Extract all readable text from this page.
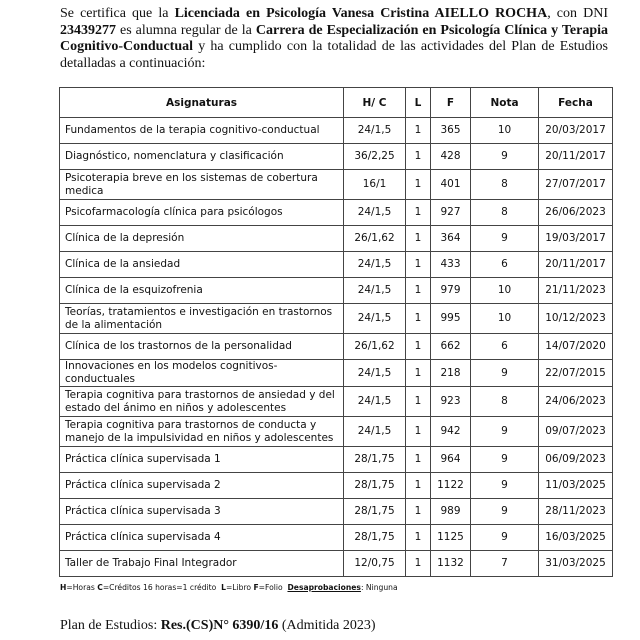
Se certifica que la Licenciada en Psicología Vanesa Cristina AIELLO ROCHA, con DNI 23439277 es alumna regular de la Carrera de Especialización en Psicología Clínica y Terapia Cognitivo-Conductual y ha cumplido con la totalidad de las actividades del Plan de Estudios detalladas a continuación:
Asignaturas	H/ C	L	F	Nota	Fecha
Fundamentos de la terapia cognitivo-conductual	24/1,5	1	365	10	20/03/2017
Diagnóstico, nomenclatura y clasificación	36/2,25	1	428	9	20/11/2017
Psicoterapia breve en los sistemas de cobertura medica	16/1	1	401	8	27/07/2017
Psicofarmacología clínica para psicólogos	24/1,5	1	927	8	26/06/2023
Clínica de la depresión	26/1,62	1	364	9	19/03/2017
Clínica de la ansiedad	24/1,5	1	433	6	20/11/2017
Clínica de la esquizofrenia	24/1,5	1	979	10	21/11/2023
Teorías, tratamientos e investigación en trastornos de la alimentación	24/1,5	1	995	10	10/12/2023
Clínica de los trastornos de la personalidad	26/1,62	1	662	6	14/07/2020
Innovaciones en los modelos cognitivos-conductuales	24/1,5	1	218	9	22/07/2015
Terapia cognitiva para trastornos de ansiedad y del estado del ánimo en niños y adolescentes	24/1,5	1	923	8	24/06/2023
Terapia cognitiva para trastornos de conducta y manejo de la impulsividad en niños y adolescentes	24/1,5	1	942	9	09/07/2023
Práctica clínica supervisada 1	28/1,75	1	964	9	06/09/2023
Práctica clínica supervisada 2	28/1,75	1	1122	9	11/03/2025
Práctica clínica supervisada 3	28/1,75	1	989	9	28/11/2023
Práctica clínica supervisada 4	28/1,75	1	1125	9	16/03/2025
Taller de Trabajo Final Integrador	12/0,75	1	1132	7	31/03/2025
H=Horas C=Créditos 16 horas=1 crédito  L=Libro F=Folio  Desaprobaciones: Ninguna
Plan de Estudios: Res.(CS)N° 6390/16 (Admitida 2023)
